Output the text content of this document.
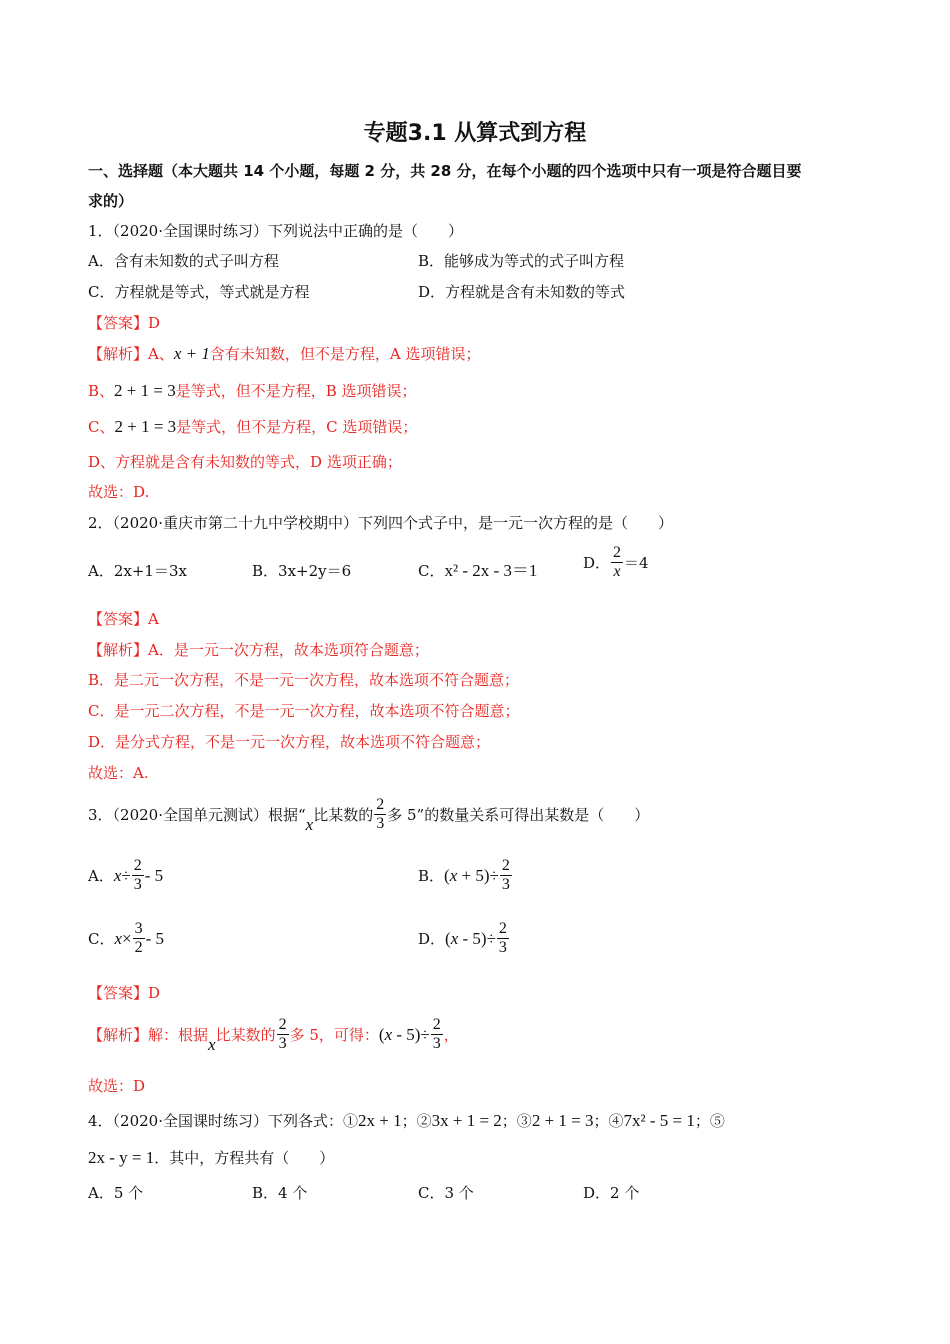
专题3.1 从算式到方程
一、选择题（本大题共 14 个小题，每题 2 分，共 28 分，在每个小题的四个选项中只有一项是符合题目要
求的）
1．（2020·全国课时练习）下列说法中正确的是（　　）
A．含有未知数的式子叫方程	B．能够成为等式的式子叫方程
C．方程就是等式，等式就是方程	D．方程就是含有未知数的等式
【答案】D
【解析】A、x + 1含有未知数，但不是方程，A 选项错误；
B、2 + 1 = 3是等式，但不是方程，B 选项错误；
C、2 + 1 = 3是等式，但不是方程，C 选项错误；
D、方程就是含有未知数的等式，D 选项正确；
故选：D.
2．（2020·重庆市第二十九中学校期中）下列四个式子中，是一元一次方程的是（　　）
A．2x+1＝3x	B．3x+2y＝6	C．x² - 2x - 3＝1	D． $\frac{2}{x} =4$
【答案】A
【解析】A．是一元一次方程，故本选项符合题意；
B．是二元一次方程，不是一元一次方程，故本选项不符合题意；
C．是一元二次方程，不是一元一次方程，故本选项不符合题意；
D．是分式方程，不是一元一次方程，故本选项不符合题意；
故选：A.
3．（2020·全国单元测试）根据“ x 比某数的 $\frac{2}{3}$ 多 5”的数量关系可得出某数是（　　）
A． $x \div \frac{2}{3} - 5$	B． $(x + 5)\div \frac{2}{3}$
C． $x \times \frac{3}{2} - 5$	D． $(x - 5)\div \frac{2}{3}$
【答案】D
【解析】解：根据 x 比某数的 $\frac{2}{3}$ 多 5，可得： $(x - 5)\div \frac{2}{3}$ ，
故选：D
4．（2020·全国课时练习）下列各式：①2x + 1；②3x + 1 = 2；③2 + 1 = 3；④7x² - 5 = 1；⑤
2x - y = 1．其中，方程共有（　　）
A．5 个	B．4 个	C．3 个	D．2 个
